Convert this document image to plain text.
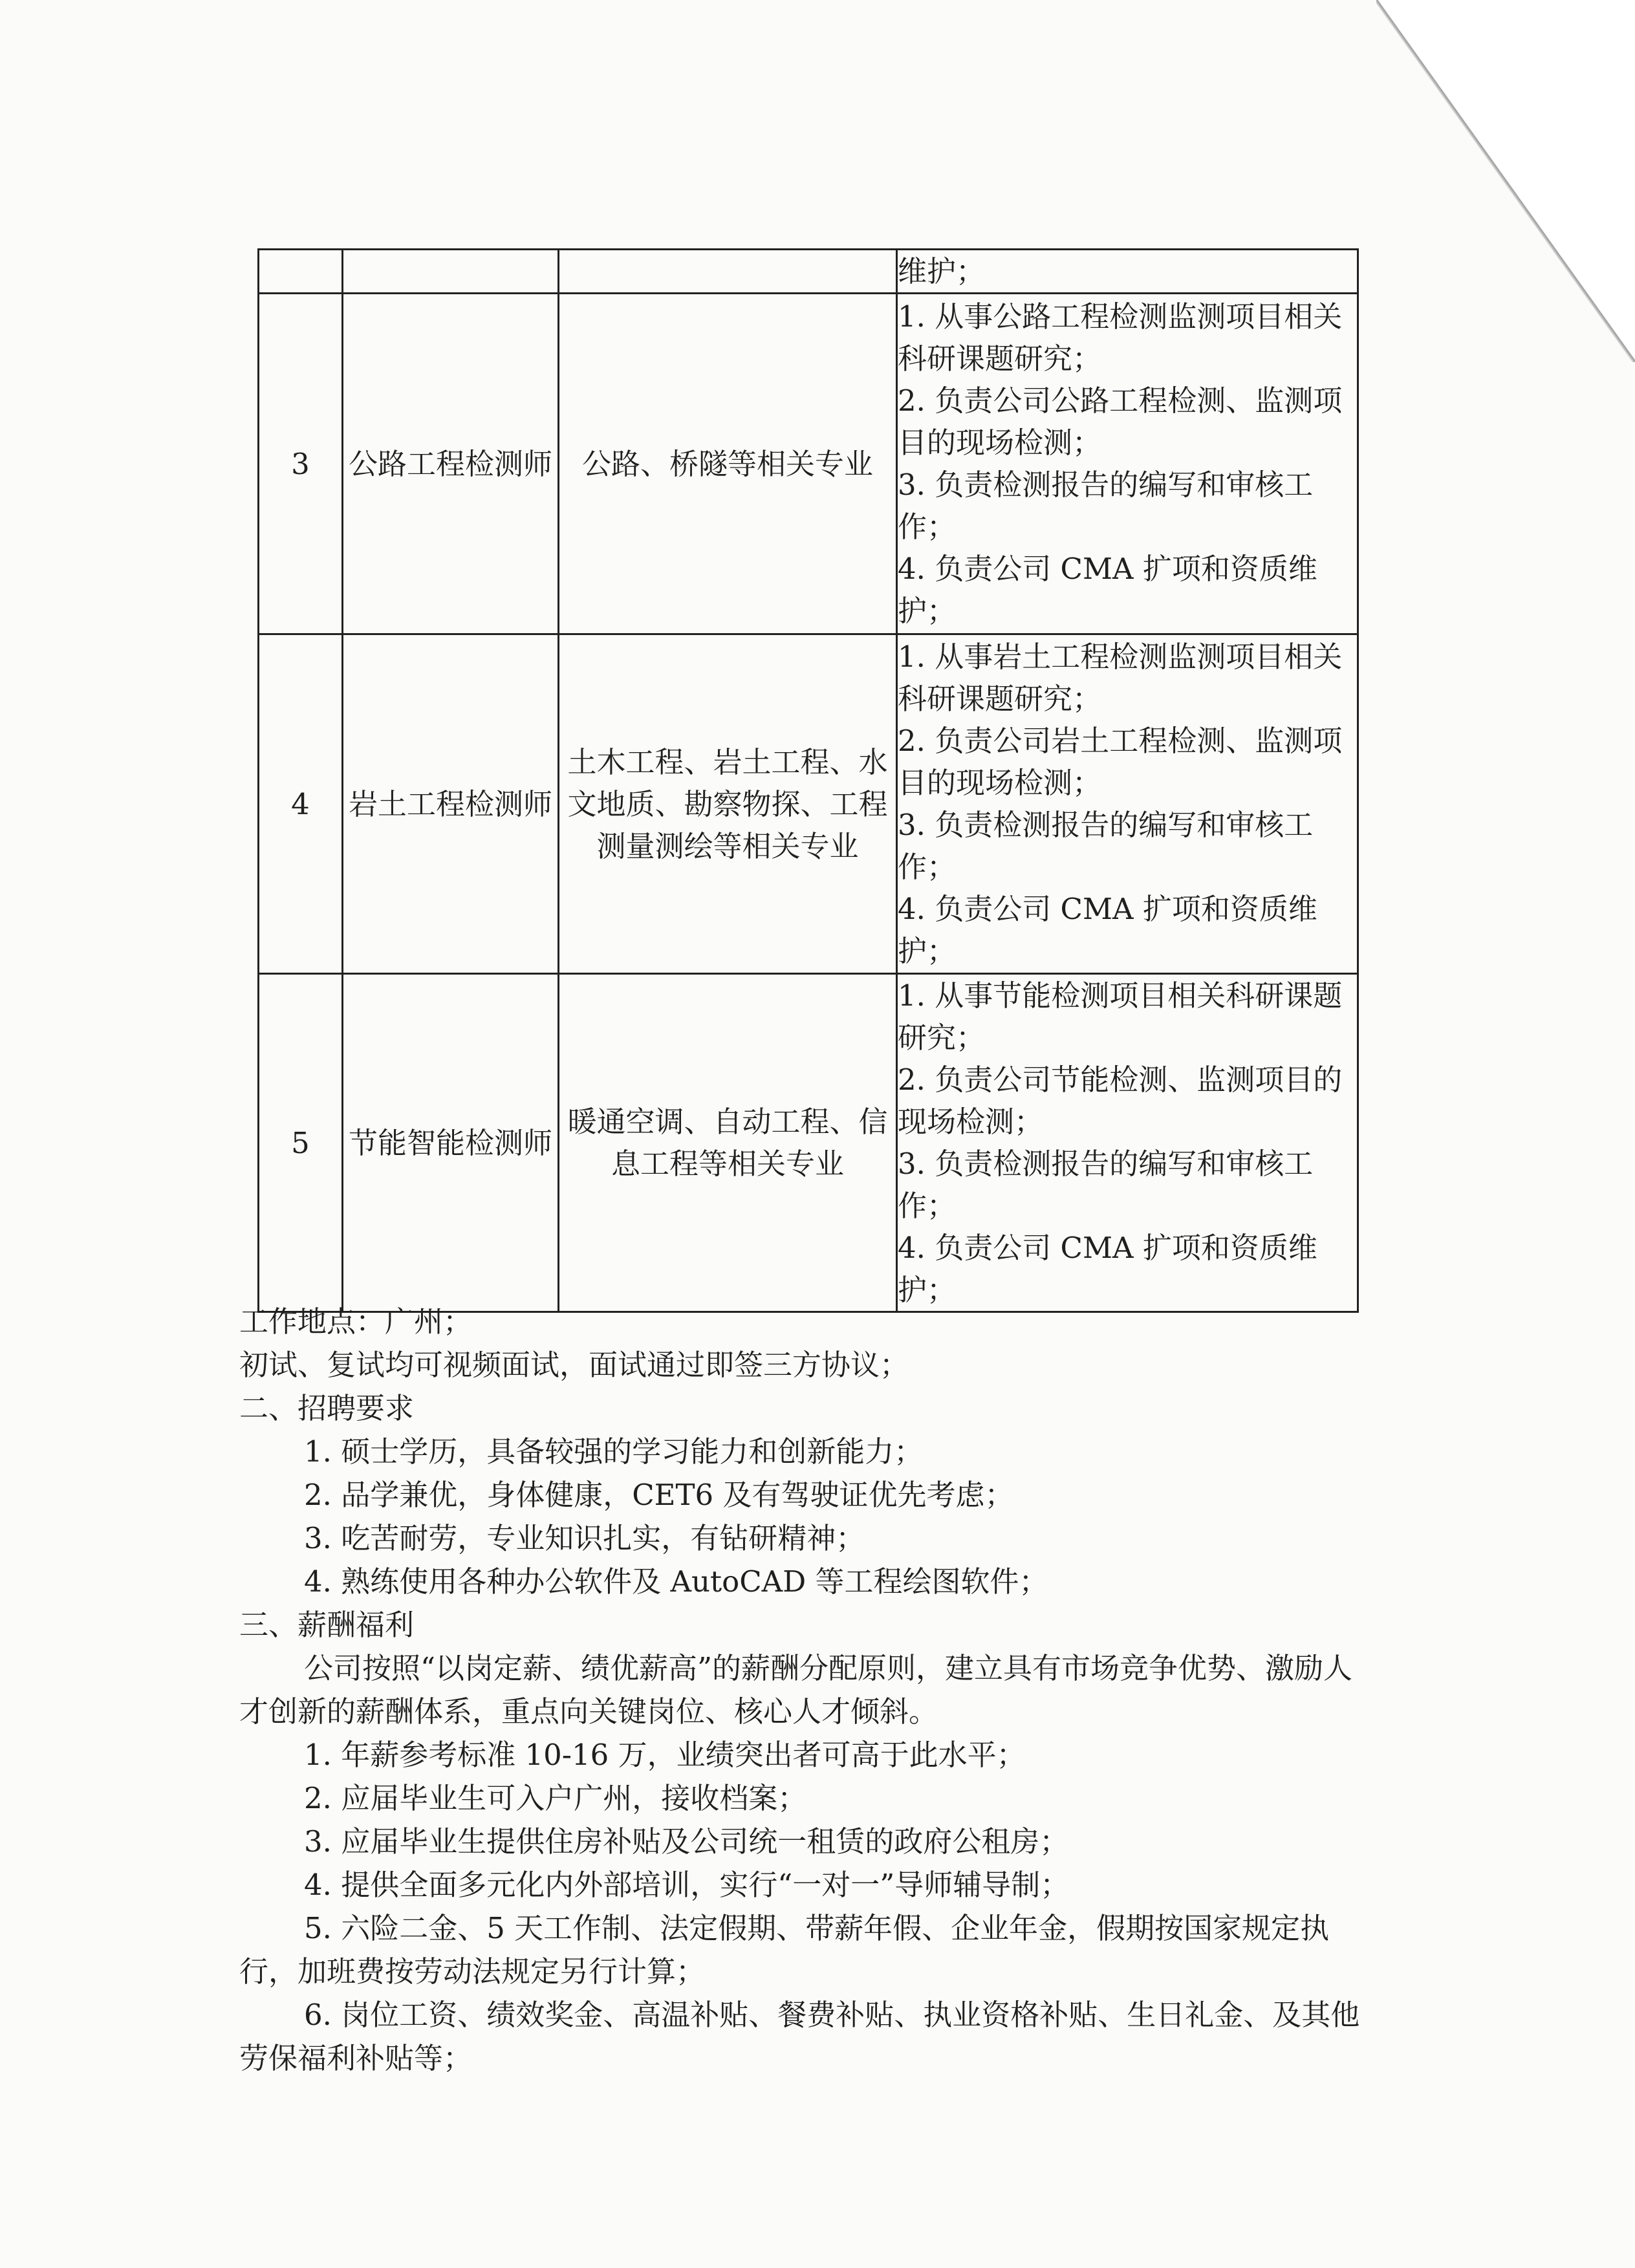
			维护；
3	公路工程检测师	公路、桥隧等相关专业	1. 从事公路工程检测监测项目相关科研课题研究；
2. 负责公司公路工程检测、监测项目的现场检测；
3. 负责检测报告的编写和审核工作；
4. 负责公司 CMA 扩项和资质维护；

4	岩土工程检测师	土木工程、岩土工程、水文地质、勘察物探、工程测量测绘等相关专业	1. 从事岩土工程检测监测项目相关科研课题研究；
2. 负责公司岩土工程检测、监测项目的现场检测；
3. 负责检测报告的编写和审核工作；
4. 负责公司 CMA 扩项和资质维护；

5	节能智能检测师	暖通空调、自动工程、信息工程等相关专业	1. 从事节能检测项目相关科研课题研究；
2. 负责公司节能检测、监测项目的现场检测；
3. 负责检测报告的编写和审核工作；
4. 负责公司 CMA 扩项和资质维护；

工作地点：广州；

初试、复试均可视频面试，面试通过即签三方协议；

二、招聘要求

1. 硕士学历，具备较强的学习能力和创新能力；

2. 品学兼优，身体健康，CET6 及有驾驶证优先考虑；

3. 吃苦耐劳，专业知识扎实，有钻研精神；

4. 熟练使用各种办公软件及 AutoCAD 等工程绘图软件；

三、薪酬福利

公司按照“以岗定薪、绩优薪高”的薪酬分配原则，建立具有市场竞争优势、激励人才创新的薪酬体系，重点向关键岗位、核心人才倾斜。

1. 年薪参考标准 10-16 万，业绩突出者可高于此水平；

2. 应届毕业生可入户广州，接收档案；

3. 应届毕业生提供住房补贴及公司统一租赁的政府公租房；

4. 提供全面多元化内外部培训，实行“一对一”导师辅导制；

5. 六险二金、5 天工作制、法定假期、带薪年假、企业年金，假期按国家规定执行，加班费按劳动法规定另行计算；

6. 岗位工资、绩效奖金、高温补贴、餐费补贴、执业资格补贴、生日礼金、及其他劳保福利补贴等；
